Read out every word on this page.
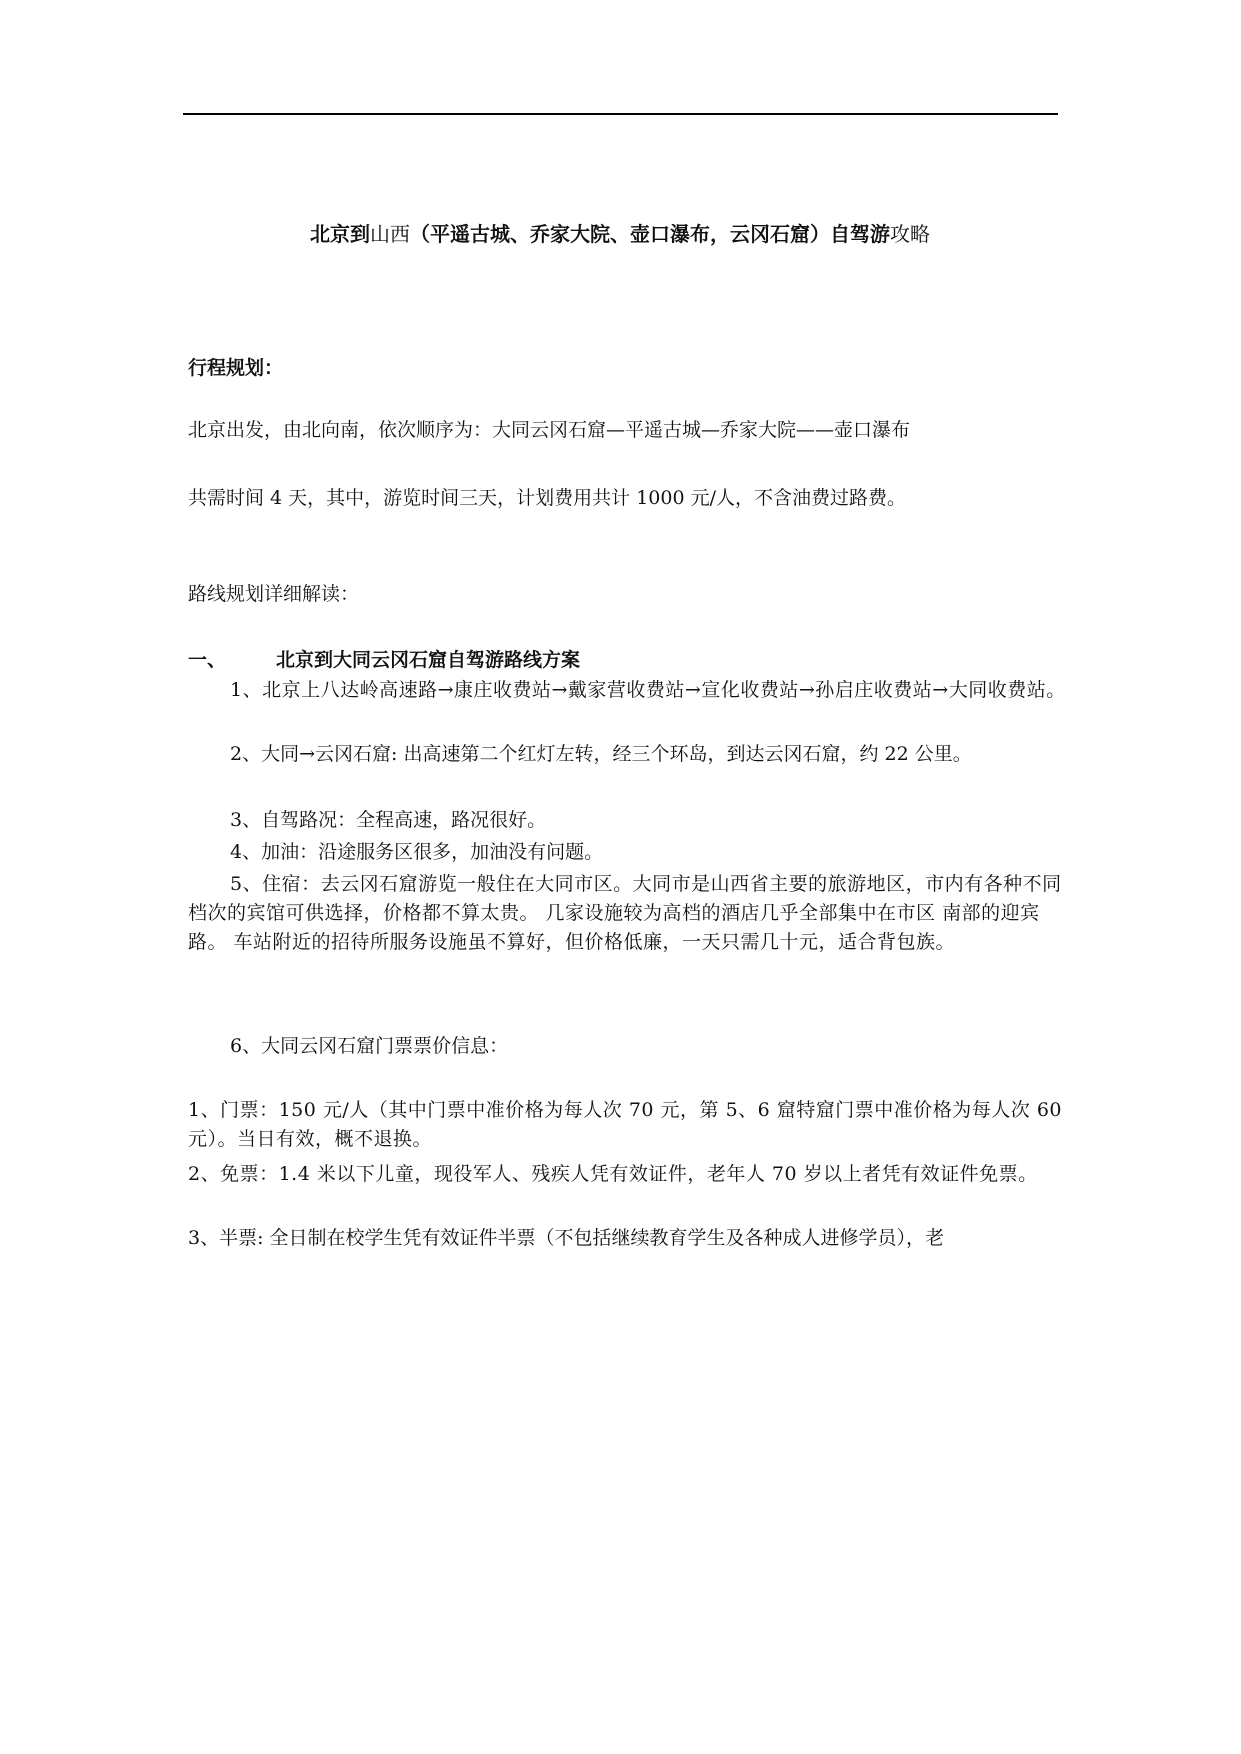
北京到山西（平遥古城、乔家大院、壶口瀑布，云冈石窟）自驾游攻略

行程规划：

北京出发，由北向南，依次顺序为：大同云冈石窟—平遥古城—乔家大院——壶口瀑布

共需时间 4 天，其中，游览时间三天，计划费用共计 1000 元/人，不含油费过路费。

路线规划详细解读：

一、	北京到大同云冈石窟自驾游路线方案

1、北京上八达岭高速路→康庄收费站→戴家营收费站→宣化收费站→孙启庄收费站→大同收费站。

2、大同→云冈石窟: 出高速第二个红灯左转，经三个环岛，到达云冈石窟，约 22 公里。

3、自驾路况：全程高速，路况很好。

4、加油：沿途服务区很多，加油没有问题。

5、住宿：去云冈石窟游览一般住在大同市区。大同市是山西省主要的旅游地区，市内有各种不同档次的宾馆可供选择，价格都不算太贵。 几家设施较为高档的酒店几乎全部集中在市区 南部的迎宾路。 车站附近的招待所服务设施虽不算好，但价格低廉，一天只需几十元，适合背包族。

6、大同云冈石窟门票票价信息：

1、门票：150 元/人（其中门票中准价格为每人次 70 元，第 5、6 窟特窟门票中准价格为每人次 60 元）。当日有效，概不退换。

2、免票：1.4 米以下儿童，现役军人、残疾人凭有效证件，老年人 70 岁以上者凭有效证件免票。

3、半票: 全日制在校学生凭有效证件半票（不包括继续教育学生及各种成人进修学员），老
